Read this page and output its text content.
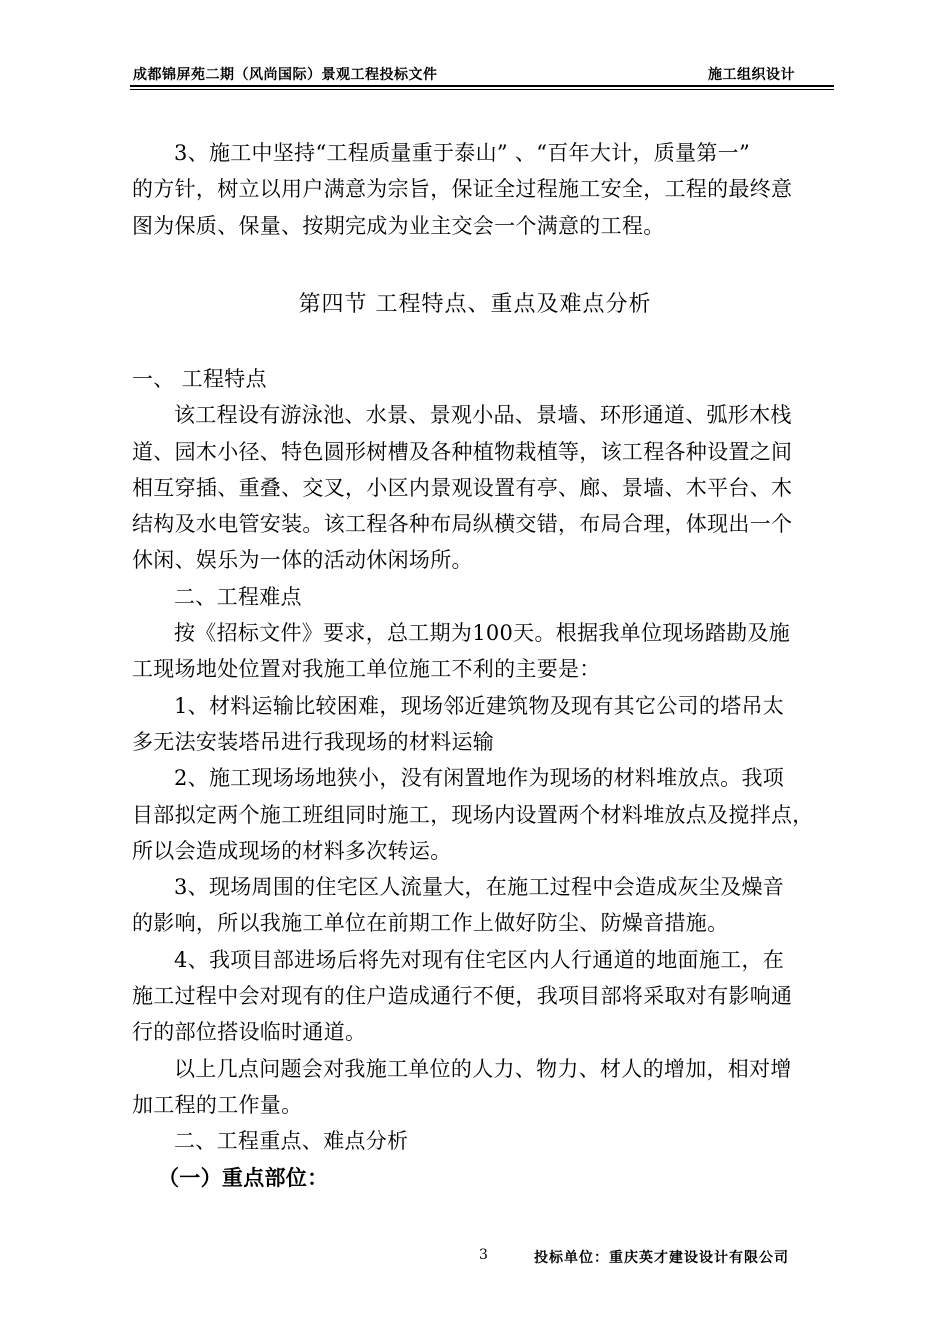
成都锦屏苑二期（风尚国际）景观工程投标文件	施工组织设计
3、施工中坚持“工程质量重于泰山” 、“百年大计，质量第一”
的方针，树立以用户满意为宗旨，保证全过程施工安全，工程的最终意
图为保质、保量、按期完成为业主交会一个满意的工程。
第四节 工程特点、重点及难点分析
一、 工程特点
该工程设有游泳池、水景、景观小品、景墙、环形通道、弧形木栈
道、园木小径、特色圆形树槽及各种植物栽植等，该工程各种设置之间
相互穿插、重叠、交叉，小区内景观设置有亭、廊、景墙、木平台、木
结构及水电管安装。该工程各种布局纵横交错，布局合理，体现出一个
休闲、娱乐为一体的活动休闲场所。
二、工程难点
按《招标文件》要求，总工期为100天。根据我单位现场踏勘及施
工现场地处位置对我施工单位施工不利的主要是：
1、材料运输比较困难，现场邻近建筑物及现有其它公司的塔吊太
多无法安装塔吊进行我现场的材料运输
2、施工现场场地狭小，没有闲置地作为现场的材料堆放点。我项
目部拟定两个施工班组同时施工，现场内设置两个材料堆放点及搅拌点，
所以会造成现场的材料多次转运。
3、现场周围的住宅区人流量大，在施工过程中会造成灰尘及燥音
的影响，所以我施工单位在前期工作上做好防尘、防燥音措施。
4、我项目部进场后将先对现有住宅区内人行通道的地面施工，在
施工过程中会对现有的住户造成通行不便，我项目部将采取对有影响通
行的部位搭设临时通道。
以上几点问题会对我施工单位的人力、物力、材人的增加，相对增
加工程的工作量。
二、工程重点、难点分析
（一）重点部位：
3	投标单位：重庆英才建设设计有限公司
